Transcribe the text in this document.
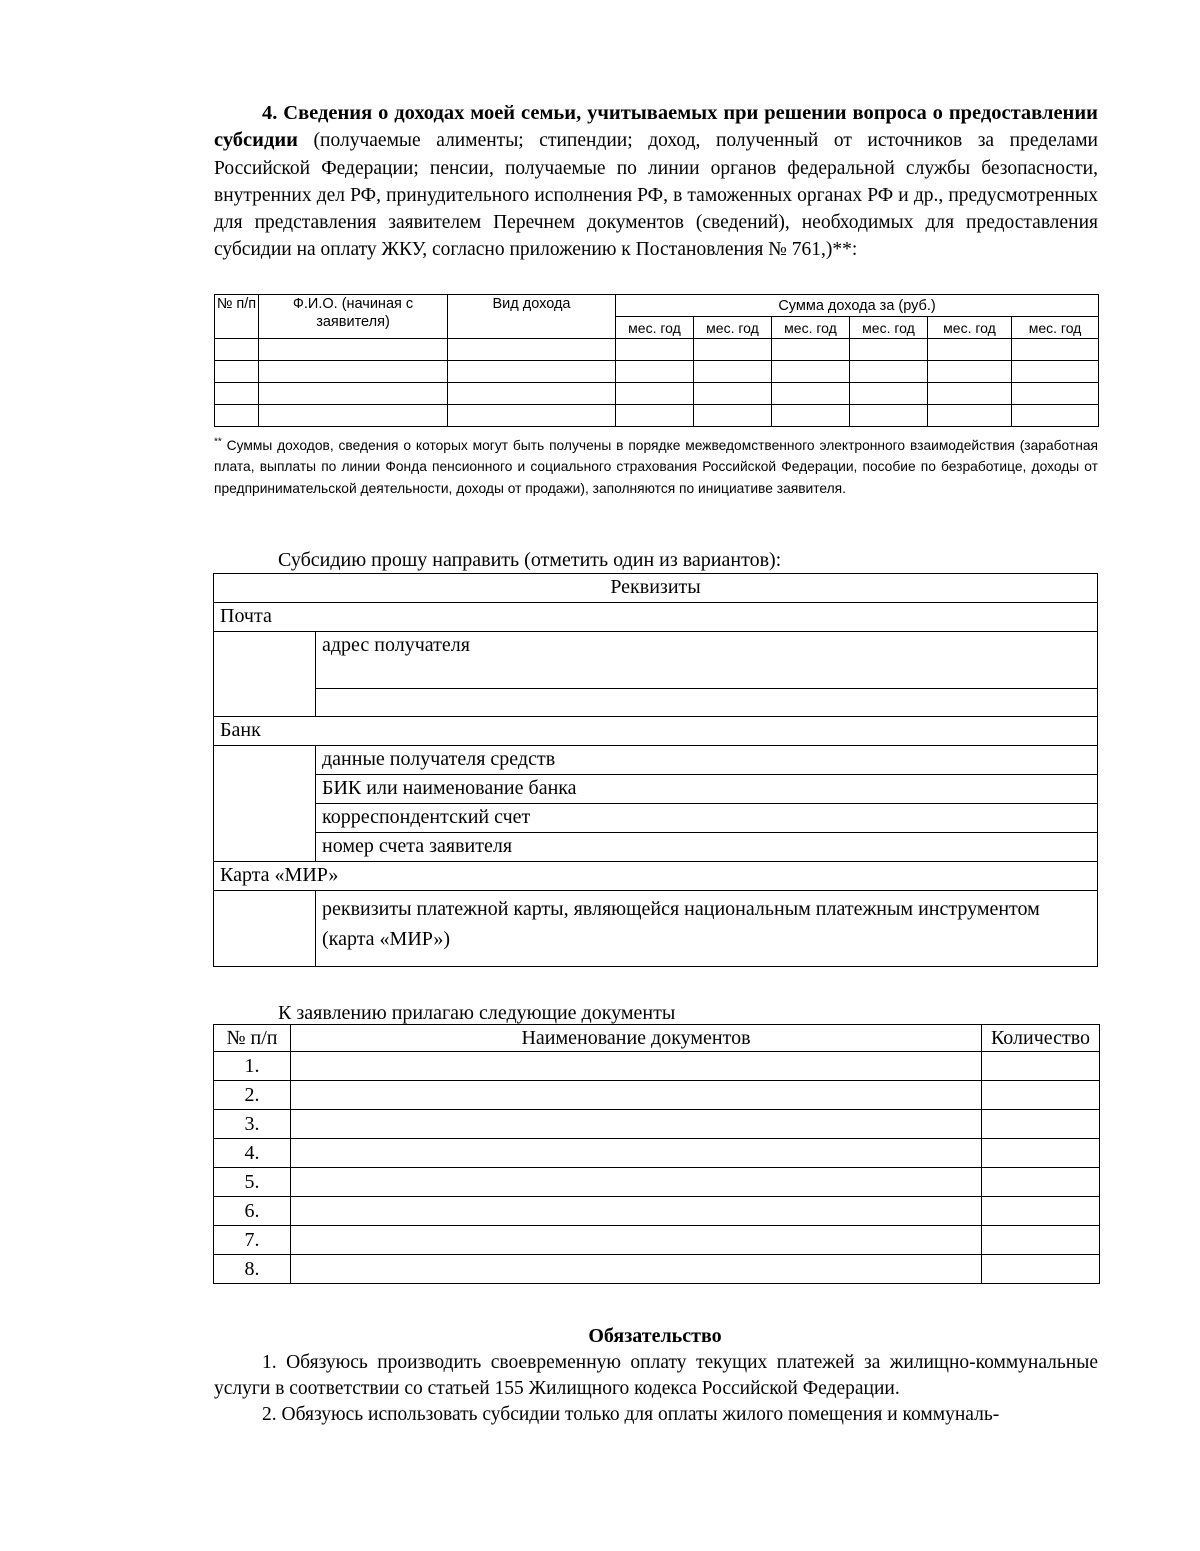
4. Сведения о доходах моей семьи, учитываемых при решении вопроса о предоставлении субсидии (получаемые алименты; стипендии; доход, полученный от источников за пределами Российской Федерации; пенсии, получаемые по линии органов федеральной службы безопасности, внутренних дел РФ, принудительного исполнения РФ, в таможенных органах РФ и др., предусмотренных для представления заявителем Перечнем документов (сведений), необходимых для предоставления субсидии на оплату ЖКУ, согласно приложению к Постановления № 761,)**:
№ п/п	Ф.И.О. (начиная с заявителя)	Вид дохода	Сумма дохода за (руб.)					
			мес. год	мес. год	мес. год	мес. год	мес. год	мес. год

** Суммы доходов, сведения о которых могут быть получены в порядке межведомственного электронного взаимодействия (заработная плата, выплаты по линии Фонда пенсионного и социального страхования Российской Федерации, пособие по безработице, доходы от предпринимательской деятельности, доходы от продажи), заполняются по инициативе заявителя.
Субсидию прошу направить (отметить один из вариантов):
Реквизиты	
Почта	
	адрес получателя

Банк	
	данные получателя средств
	БИК или наименование банка
	корреспондентский счет
	номер счета заявителя
Карта «МИР»	
	реквизиты платежной карты, являющейся национальным платежным инструментом (карта «МИР»)
К заявлению прилагаю следующие документы
№ п/п	Наименование документов	Количество
1.		
2.		
3.		
4.		
5.		
6.		
7.		
8.		
Обязательство

1. Обязуюсь производить своевременную оплату текущих платежей за жилищно-коммунальные услуги в соответствии со статьей 155 Жилищного кодекса Российской Федерации.

2. Обязуюсь использовать субсидии только для оплаты жилого помещения и коммуналь-
